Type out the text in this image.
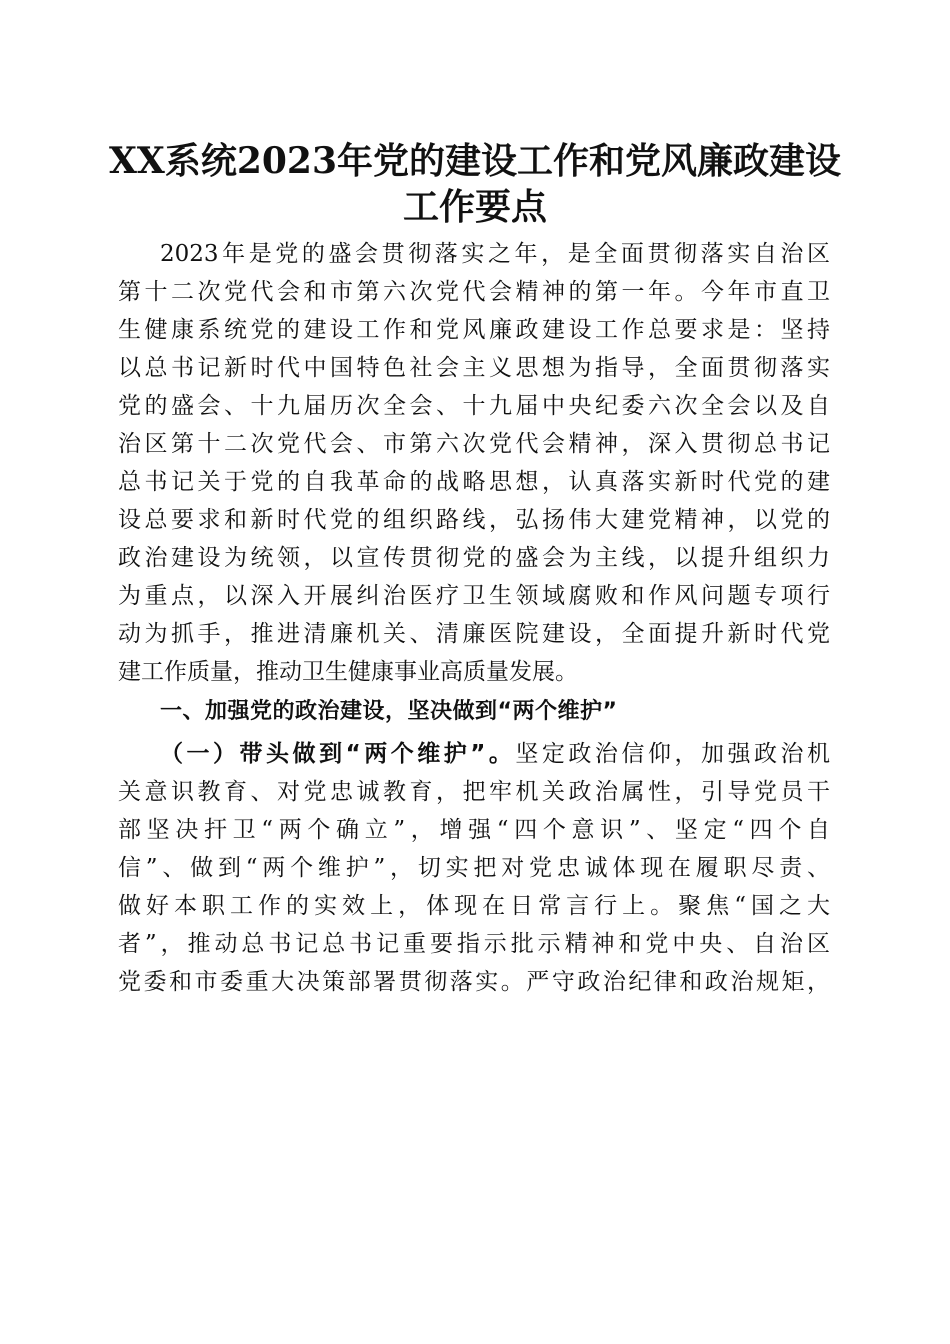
XX系统2023年党的建设工作和党风廉政建设
工作要点

2023年是党的盛会贯彻落实之年，是全面贯彻落实自治区

第十二次党代会和市第六次党代会精神的第一年。今年市直卫

生健康系统党的建设工作和党风廉政建设工作总要求是：坚持

以总书记新时代中国特色社会主义思想为指导，全面贯彻落实

党的盛会、十九届历次全会、十九届中央纪委六次全会以及自

治区第十二次党代会、市第六次党代会精神，深入贯彻总书记

总书记关于党的自我革命的战略思想，认真落实新时代党的建

设总要求和新时代党的组织路线，弘扬伟大建党精神，以党的

政治建设为统领，以宣传贯彻党的盛会为主线，以提升组织力

为重点，以深入开展纠治医疗卫生领域腐败和作风问题专项行

动为抓手，推进清廉机关、清廉医院建设，全面提升新时代党

建工作质量，推动卫生健康事业高质量发展。

一、加强党的政治建设，坚决做到“两个维护”

（一）带头做到“两个维护”。坚定政治信仰，加强政治机

关意识教育、对党忠诚教育，把牢机关政治属性，引导党员干

部坚决扞卫“两个确立”，增强“四个意识”、坚定“四个自

信”、做到“两个维护”，切实把对党忠诚体现在履职尽责、

做好本职工作的实效上，体现在日常言行上。聚焦“国之大

者”，推动总书记总书记重要指示批示精神和党中央、自治区

党委和市委重大决策部署贯彻落实。严守政治纪律和政治规矩，
